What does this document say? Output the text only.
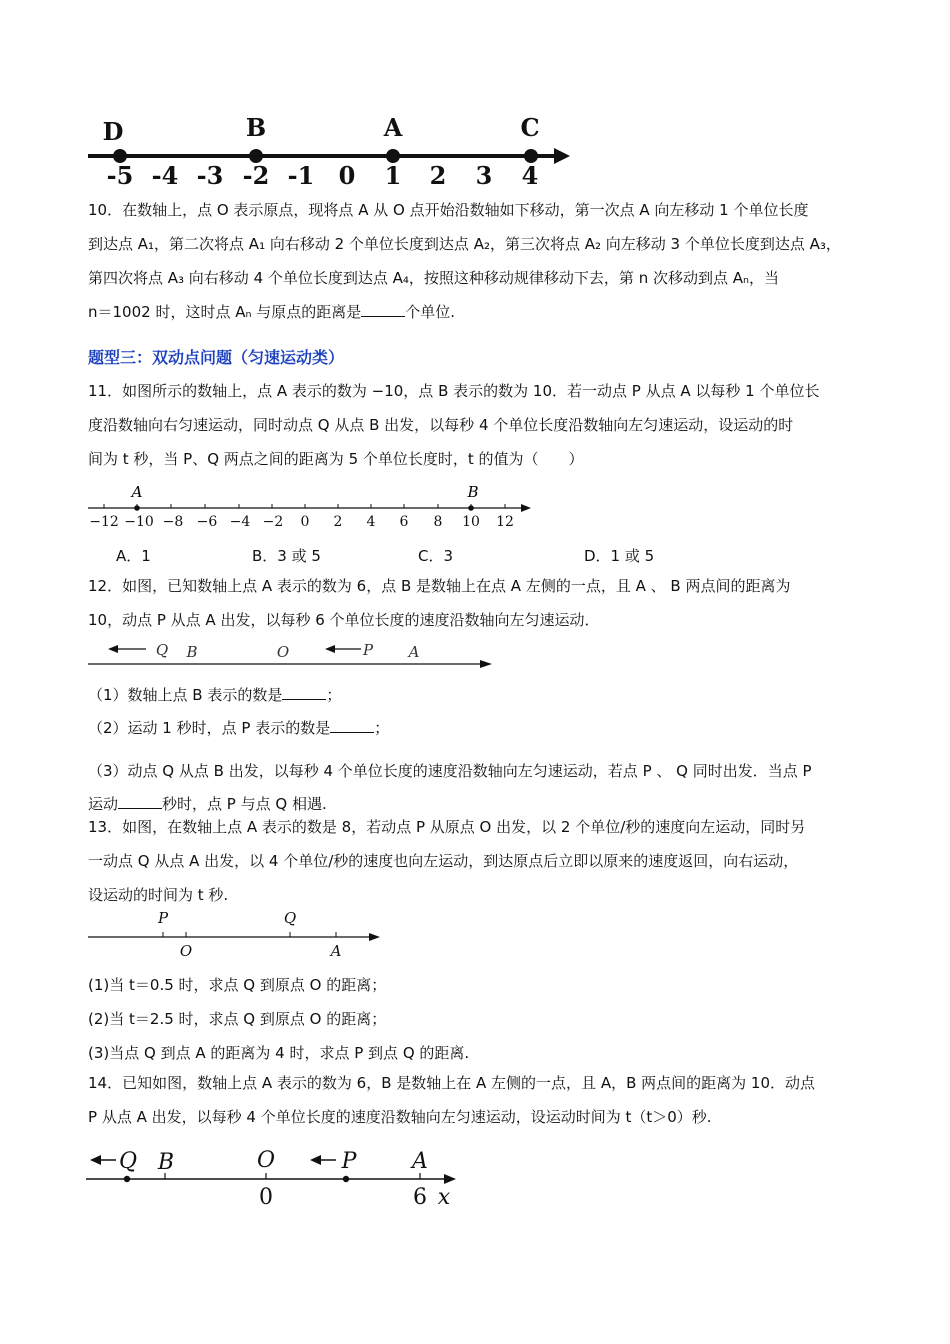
D	B	A	C
-5 -4 -3 -2 -1 0 1 2 3 4
10．在数轴上，点 O 表示原点，现将点 A 从 O 点开始沿数轴如下移动，第一次点 A 向左移动 1 个单位长度
到达点 A₁，第二次将点 A₁ 向右移动 2 个单位长度到达点 A₂，第三次将点 A₂ 向左移动 3 个单位长度到达点 A₃，
第四次将点 A₃ 向右移动 4 个单位长度到达点 A₄，按照这种移动规律移动下去，第 n 次移动到点 Aₙ，当
n＝1002 时，这时点 Aₙ 与原点的距离是	个单位.
题型三：双动点问题（匀速运动类）
11．如图所示的数轴上，点 A 表示的数为 −10，点 B 表示的数为 10．若一动点 P 从点 A 以每秒 1 个单位长
度沿数轴向右匀速运动，同时动点 Q 从点 B 出发，以每秒 4 个单位长度沿数轴向左匀速运动，设运动的时
间为 t 秒，当 P、Q 两点之间的距离为 5 个单位长度时，t 的值为（　　）
A	B
−12 −10 −8 −6 −4 −2 0 2 4 6 8 10 12
A．1	B．3 或 5	C．3	D．1 或 5
12．如图，已知数轴上点 A 表示的数为 6，点 B 是数轴上在点 A 左侧的一点，且 A 、 B 两点间的距离为
10，动点 P 从点 A 出发，以每秒 6 个单位长度的速度沿数轴向左匀速运动．
Q B	O	P A
（1）数轴上点 B 表示的数是	；
（2）运动 1 秒时，点 P 表示的数是	；
（3）动点 Q 从点 B 出发，以每秒 4 个单位长度的速度沿数轴向左匀速运动，若点 P 、 Q 同时出发．当点 P
运动	秒时，点 P 与点 Q 相遇.
13．如图，在数轴上点 A 表示的数是 8，若动点 P 从原点 O 出发，以 2 个单位/秒的速度向左运动，同时另
一动点 Q 从点 A 出发，以 4 个单位/秒的速度也向左运动，到达原点后立即以原来的速度返回，向右运动，
设运动的时间为 t 秒.
P	Q
O	A
(1)当 t＝0.5 时，求点 Q 到原点 O 的距离；
(2)当 t＝2.5 时，求点 Q 到原点 O 的距离；
(3)当点 Q 到点 A 的距离为 4 时，求点 P 到点 Q 的距离.
14．已知如图，数轴上点 A 表示的数为 6，B 是数轴上在 A 左侧的一点，且 A，B 两点间的距离为 10．动点
P 从点 A 出发，以每秒 4 个单位长度的速度沿数轴向左匀速运动，设运动时间为 t（t＞0）秒.
Q B	O	P	A
0	6 x
